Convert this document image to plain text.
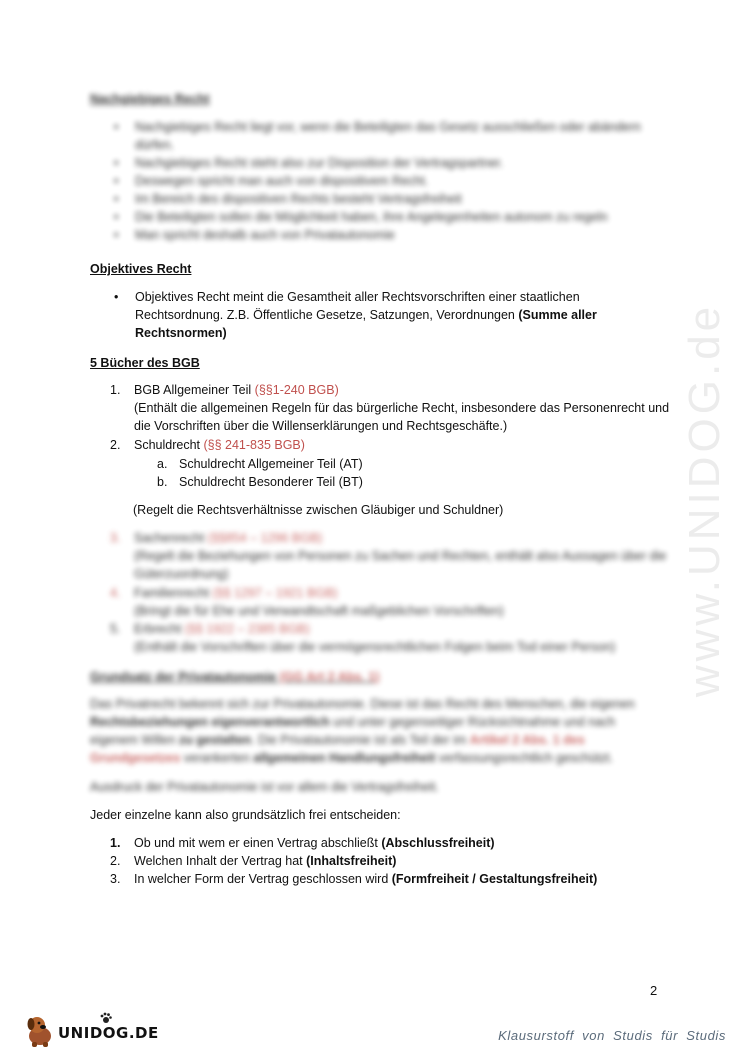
www.UNIDOG.de
Nachgiebiges Recht
• Nachgiebiges Recht liegt vor, wenn die Beteiligten das Gesetz ausschließen oder abändern dürfen.
• Nachgiebiges Recht steht also zur Disposition der Vertragspartner.
• Deswegen spricht man auch von dispositivem Recht.
• Im Bereich des dispositiven Rechts besteht Vertragsfreiheit
• Die Beteiligten sollen die Möglichkeit haben, ihre Angelegenheiten autonom zu regeln
• Man spricht deshalb auch von Privatautonomie
Objektives Recht
• Objektives Recht meint die Gesamtheit aller Rechtsvorschriften einer staatlichen Rechtsordnung. Z.B. Öffentliche Gesetze, Satzungen, Verordnungen (Summe aller Rechtsnormen)
5 Bücher des BGB
1.	BGB Allgemeiner Teil (§§1-240 BGB)
(Enthält die allgemeinen Regeln für das bürgerliche Recht, insbesondere das Personenrecht und die Vorschriften über die Willenserklärungen und Rechtsgeschäfte.)
2.	Schuldrecht (§§ 241-835 BGB)
a. Schuldrecht Allgemeiner Teil (AT)
b. Schuldrecht Besonderer Teil (BT)
(Regelt die Rechtsverhältnisse zwischen Gläubiger und Schuldner)
3.	Sachenrecht (§§854 – 1296 BGB)
(Regelt die Beziehungen von Personen zu Sachen und Rechten, enthält also Aussagen über die Güterzuordnung)
4.	Familienrecht (§§ 1297 – 1921 BGB)
(Bringt die für Ehe und Verwandtschaft maßgeblichen Vorschriften)
5.	Erbrecht (§§ 1922 – 2385 BGB)
(Enthält die Vorschriften über die vermögensrechtlichen Folgen beim Tod einer Person)
Grundsatz der Privatautonomie (GG Art 2 Abs. 1)
Das Privatrecht bekennt sich zur Privatautonomie. Diese ist das Recht des Menschen, die eigenen Rechtsbeziehungen eigenverantwortlich und unter gegenseitiger Rücksichtnahme und nach eigenem Willen zu gestalten. Die Privatautonomie ist als Teil der im Artikel 2 Abs. 1 des Grundgesetzes verankerten allgemeinen Handlungsfreiheit verfassungsrechtlich geschützt.
Ausdruck der Privatautonomie ist vor allem die Vertragsfreiheit.
Jeder einzelne kann also grundsätzlich frei entscheiden:
1.	Ob und mit wem er einen Vertrag abschließt (Abschlussfreiheit)
2.	Welchen Inhalt der Vertrag hat (Inhaltsfreiheit)
3.	In welcher Form der Vertrag geschlossen wird (Formfreiheit / Gestaltungsfreiheit)
2
UNIDOG.DE	Klausurstoff von Studis für Studis
